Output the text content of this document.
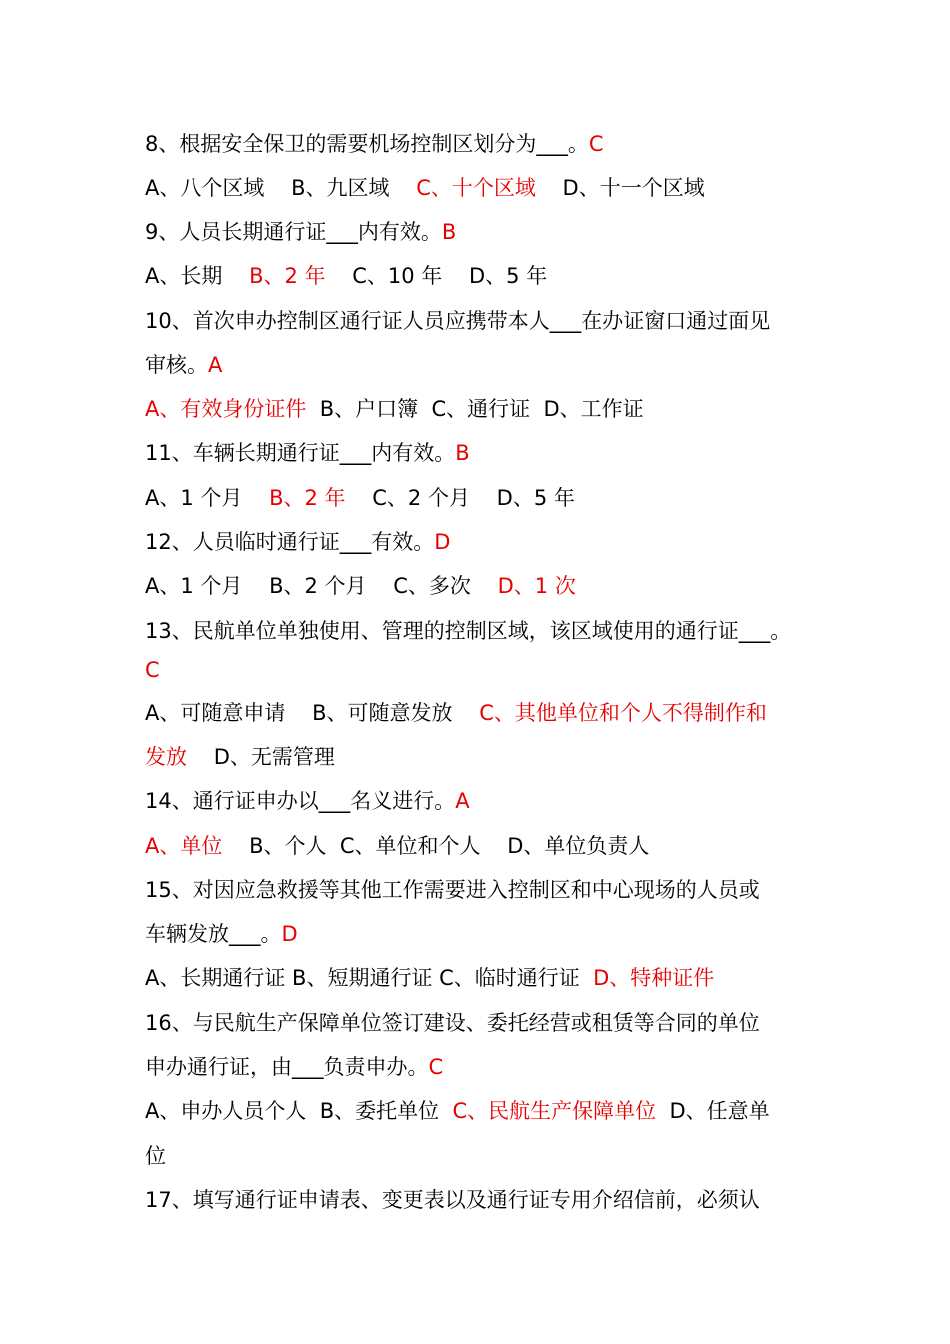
8、根据安全保卫的需要机场控制区划分为___。C
A、八个区域    B、九区域    C、十个区域    D、十一个区域
9、人员长期通行证___内有效。B
A、长期    B、2 年    C、10 年    D、5 年
10、首次申办控制区通行证人员应携带本人___在办证窗口通过面见
审核。A
A、有效身份证件  B、户口簿  C、通行证  D、工作证
11、车辆长期通行证___内有效。B
A、1 个月    B、2 年    C、2 个月    D、5 年
12、人员临时通行证___有效。D
A、1 个月    B、2 个月    C、多次    D、1 次
13、民航单位单独使用、管理的控制区域，该区域使用的通行证___。
C
A、可随意申请    B、可随意发放    C、其他单位和个人不得制作和
发放    D、无需管理
14、通行证申办以___名义进行。A
A、单位    B、个人  C、单位和个人    D、单位负责人
15、对因应急救援等其他工作需要进入控制区和中心现场的人员或
车辆发放___。D
A、长期通行证 B、短期通行证 C、临时通行证  D、特种证件
16、与民航生产保障单位签订建设、委托经营或租赁等合同的单位
申办通行证，由___负责申办。C
A、申办人员个人  B、委托单位  C、民航生产保障单位  D、任意单
位
17、填写通行证申请表、变更表以及通行证专用介绍信前，必须认
